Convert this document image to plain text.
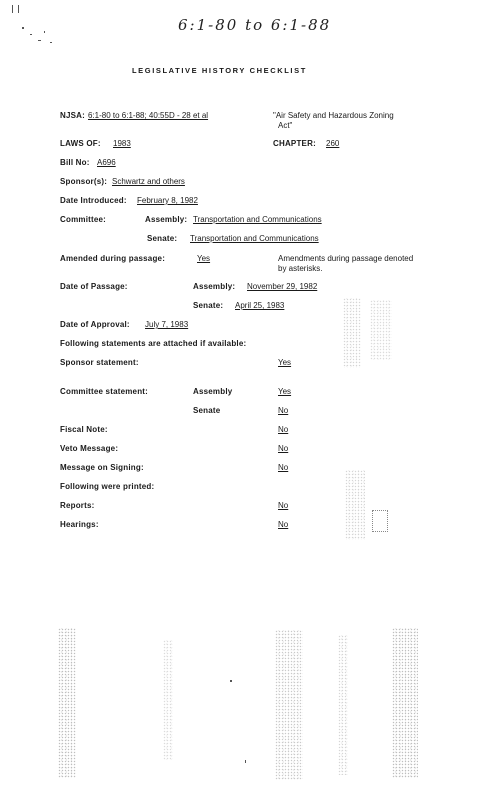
6:1-80 to 6:1-88
LEGISLATIVE HISTORY CHECKLIST
NJSA: 6:1-80 to 6:1-88; 40:55D - 28 et al	"Air Safety and Hazardous Zoning
Act"
LAWS OF: 1983	CHAPTER: 260
Bill No: A696
Sponsor(s): Schwartz and others
Date Introduced: February 8, 1982
Committee:	Assembly: Transportation and Communications
Senate: Transportation and Communications
Amended during passage:	Yes	Amendments during passage denoted
by asterisks.
Date of Passage:	Assembly: November 29, 1982
Senate: April 25, 1983
Date of Approval: July 7, 1983
Following statements are attached if available:
Sponsor statement:	Yes
Committee statement:	Assembly	Yes
Senate	No
Fiscal Note:	No
Veto Message:	No
Message on Signing:	No
Following were printed:
Reports:	No
Hearings:	No
